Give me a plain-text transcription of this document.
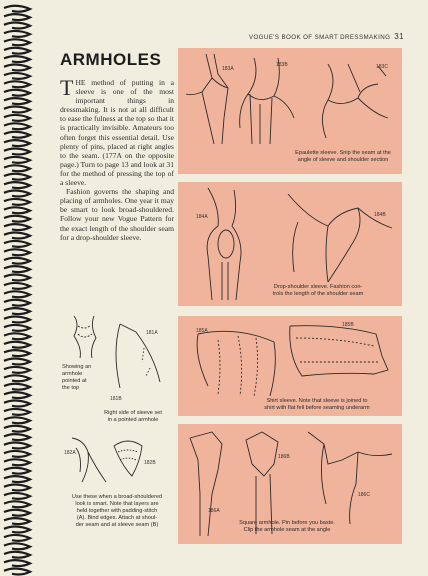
VOGUE'S BOOK OF SMART DRESSMAKING 31
ARMHOLES

THE method of putting in a sleeve is one of the most important things in dressmaking. It is not at all difficult to ease the fulness at the top so that it is practically invisible. Amateurs too often forget this essential detail. Use plenty of pins, placed at right angles to the seam. (177A on the opposite page.) Turn to page 13 and look at 31 for the method of pressing the top of a sleeve.

Fashion governs the shaping and placing of armholes. One year it may be smart to look broad-shouldered. Follow your new Vogue Pattern for the exact length of the shoulder seam for a drop-shoulder sleeve.

183A
183B	183C
Epaulette sleeve. Snip the seam at the
angle of sleeve and shoulder section
184A	184B
Drop-shoulder sleeve. Fashion con-
trols the length of the shoulder seam
185A
185B
Shirt sleeve. Note that sleeve is joined to
shirt with flat fell before seaming underarm
186A
186B
186C
Square armhole. Pin before you baste.
Clip the armhole seam at the angle
181A
Showing an
armhole
pointed at
the top
181B
Right side of sleeve set
in a pointed armhole
182A
182B
Use these when a broad-shouldered
look is smart. Note that layers are
held together with padding-stitch
(A). Bind edges. Attach at shoul-
der seam and at sleeve seam (B)
